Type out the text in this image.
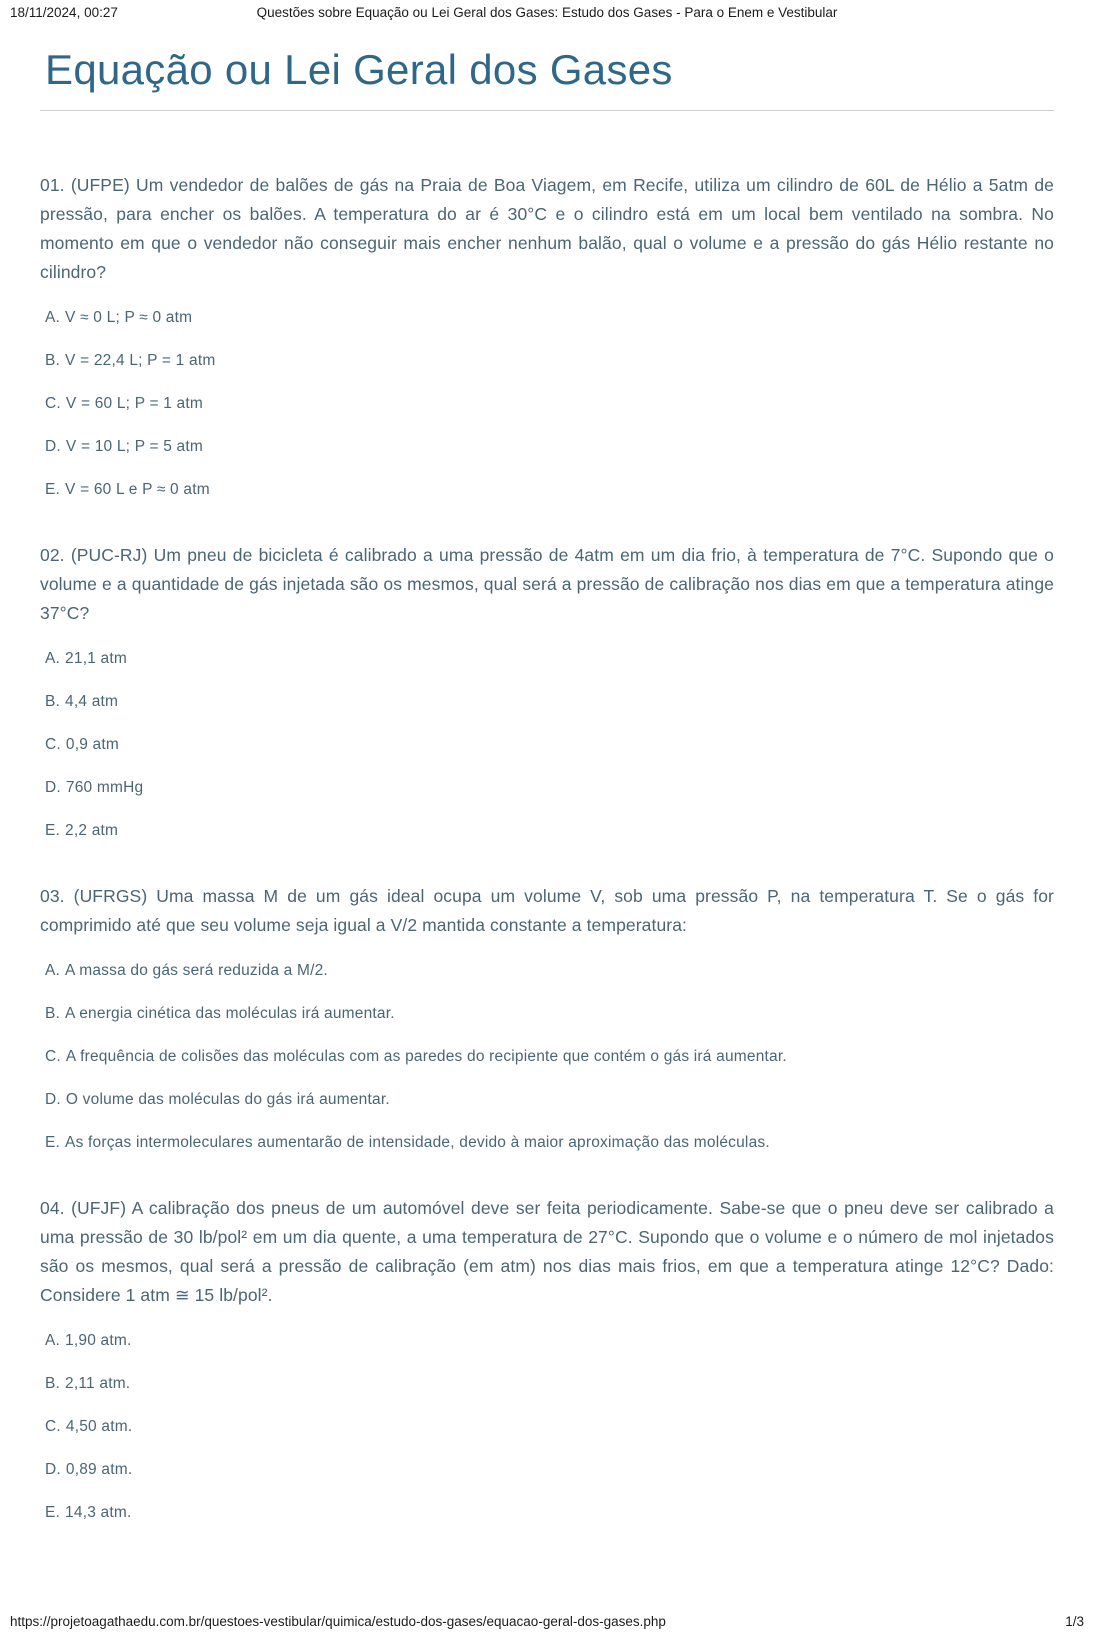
18/11/2024, 00:27	Questões sobre Equação ou Lei Geral dos Gases: Estudo dos Gases - Para o Enem e Vestibular
Equação ou Lei Geral dos Gases

01. (UFPE) Um vendedor de balões de gás na Praia de Boa Viagem, em Recife, utiliza um cilindro de 60L de Hélio a 5atm de pressão, para encher os balões. A temperatura do ar é 30°C e o cilindro está em um local bem ventilado na sombra. No momento em que o vendedor não conseguir mais encher nenhum balão, qual o volume e a pressão do gás Hélio restante no cilindro?

A. V ≈ 0 L; P ≈ 0 atm
B. V = 22,4 L; P = 1 atm
C. V = 60 L; P = 1 atm
D. V = 10 L; P = 5 atm
E. V = 60 L e P ≈ 0 atm

02. (PUC-RJ) Um pneu de bicicleta é calibrado a uma pressão de 4atm em um dia frio, à temperatura de 7°C. Supondo que o volume e a quantidade de gás injetada são os mesmos, qual será a pressão de calibração nos dias em que a temperatura atinge 37°C?

A. 21,1 atm
B. 4,4 atm
C. 0,9 atm
D. 760 mmHg
E. 2,2 atm

03. (UFRGS) Uma massa M de um gás ideal ocupa um volume V, sob uma pressão P, na temperatura T. Se o gás for comprimido até que seu volume seja igual a V/2 mantida constante a temperatura:

A. A massa do gás será reduzida a M/2.
B. A energia cinética das moléculas irá aumentar.
C. A frequência de colisões das moléculas com as paredes do recipiente que contém o gás irá aumentar.
D. O volume das moléculas do gás irá aumentar.
E. As forças intermoleculares aumentarão de intensidade, devido à maior aproximação das moléculas.

04. (UFJF) A calibração dos pneus de um automóvel deve ser feita periodicamente. Sabe-se que o pneu deve ser calibrado a uma pressão de 30 lb/pol² em um dia quente, a uma temperatura de 27°C. Supondo que o volume e o número de mol injetados são os mesmos, qual será a pressão de calibração (em atm) nos dias mais frios, em que a temperatura atinge 12°C? Dado: Considere 1 atm ≅ 15 lb/pol².

A. 1,90 atm.
B. 2,11 atm.
C. 4,50 atm.
D. 0,89 atm.
E. 14,3 atm.
https://projetoagathaedu.com.br/questoes-vestibular/quimica/estudo-dos-gases/equacao-geral-dos-gases.php	1/3
